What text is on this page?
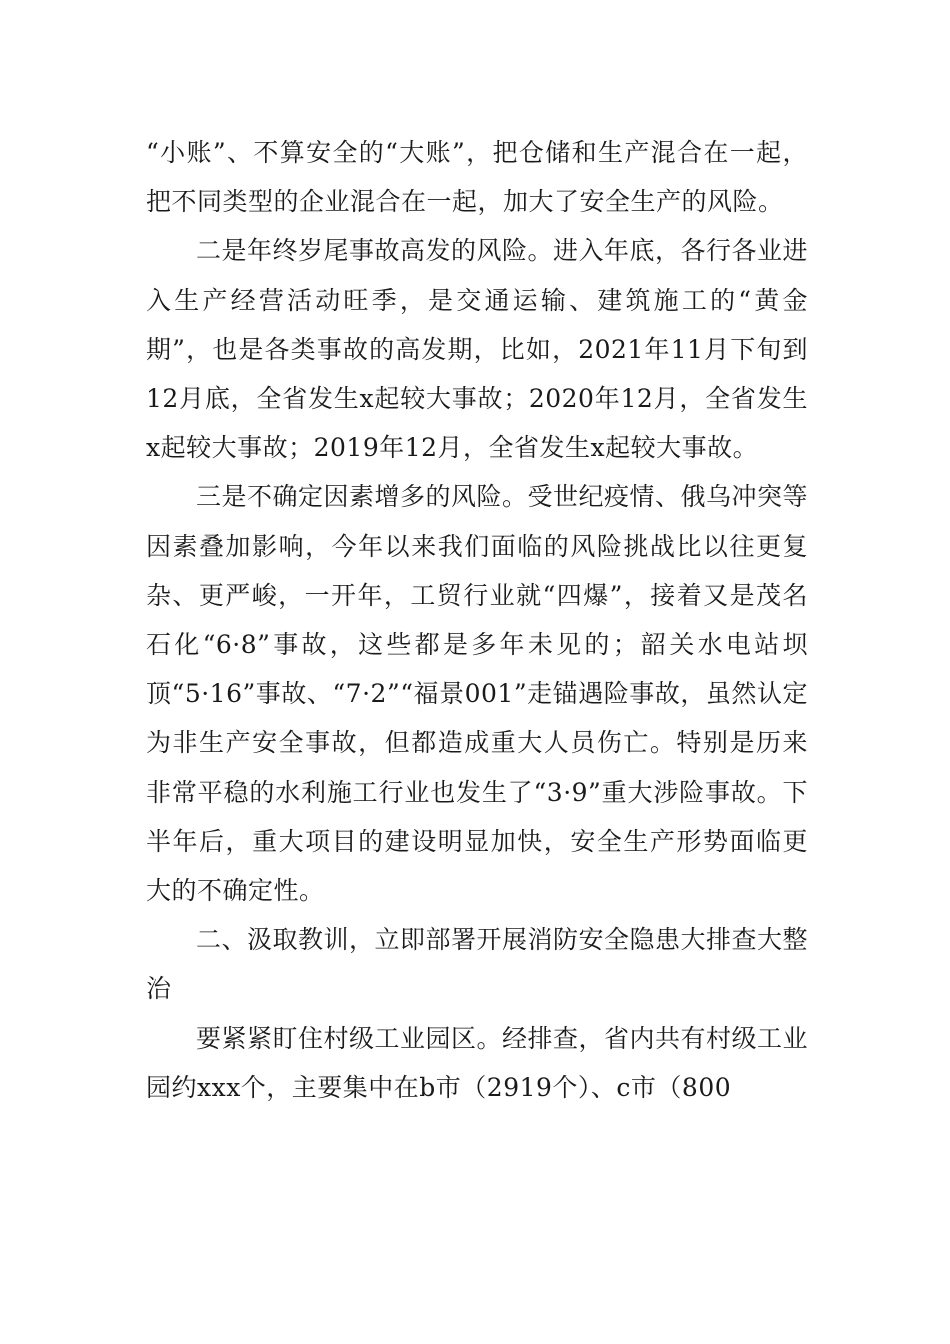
“小账”、不算安全的“大账”，把仓储和生产混合在一起，把不同类型的企业混合在一起，加大了安全生产的风险。

二是年终岁尾事故高发的风险。进入年底，各行各业进入生产经营活动旺季，是交通运输、建筑施工的“黄金期”，也是各类事故的高发期，比如，2021年11月下旬到12月底，全省发生x起较大事故；2020年12月，全省发生x起较大事故；2019年12月，全省发生x起较大事故。

三是不确定因素增多的风险。受世纪疫情、俄乌冲突等因素叠加影响，今年以来我们面临的风险挑战比以往更复杂、更严峻，一开年，工贸行业就“四爆”，接着又是茂名石化“6·8”事故，这些都是多年未见的；韶关水电站坝顶“5·16”事故、“7·2”“福景001”走锚遇险事故，虽然认定为非生产安全事故，但都造成重大人员伤亡。特别是历来非常平稳的水利施工行业也发生了“3·9”重大涉险事故。下半年后，重大项目的建设明显加快，安全生产形势面临更大的不确定性。

二、汲取教训，立即部署开展消防安全隐患大排查大整治

要紧紧盯住村级工业园区。经排查，省内共有村级工业园约xxx个，主要集中在b市（2919个）、c市（800
